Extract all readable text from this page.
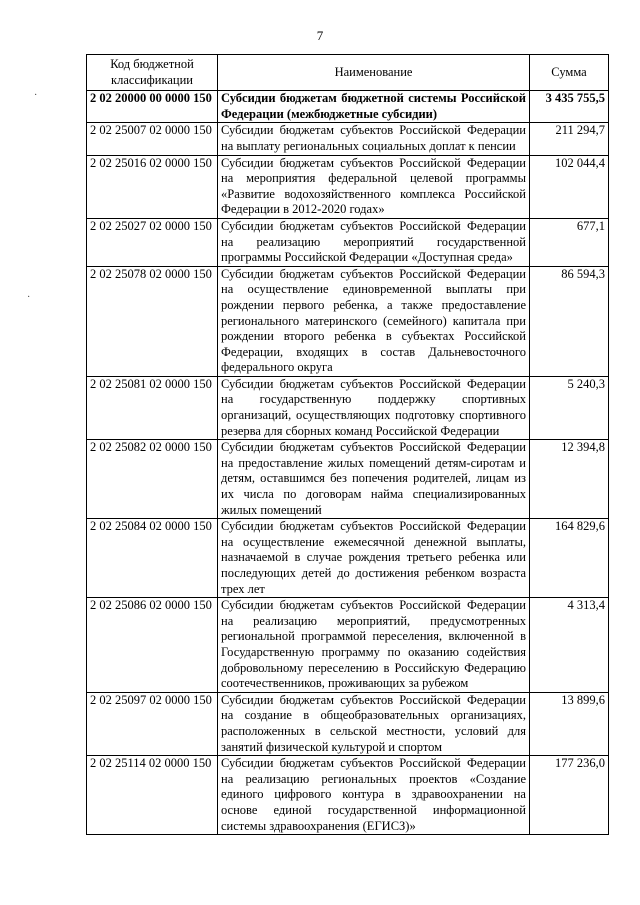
7
·
·
Код бюджетной классификации	Наименование	Сумма
2 02 20000 00 0000 150	Субсидии бюджетам бюджетной системы Российской Федерации (межбюджетные субсидии)	3 435 755,5
2 02 25007 02 0000 150	Субсидии бюджетам субъектов Российской Федерации на выплату региональных социальных доплат к пенсии	211 294,7
2 02 25016 02 0000 150	Субсидии бюджетам субъектов Российской Федерации на мероприятия федеральной целевой программы «Развитие водохозяйственного комплекса Российской Федерации в 2012-2020 годах»	102 044,4
2 02 25027 02 0000 150	Субсидии бюджетам субъектов Российской Федерации на реализацию мероприятий государственной программы Российской Федерации «Доступная среда»	677,1
2 02 25078 02 0000 150	Субсидии бюджетам субъектов Российской Федерации на осуществление единовременной выплаты при рождении первого ребенка, а также предоставление регионального материнского (семейного) капитала при рождении второго ребенка в субъектах Российской Федерации, входящих в состав Дальневосточного федерального округа	86 594,3
2 02 25081 02 0000 150	Субсидии бюджетам субъектов Российской Федерации на государственную поддержку спортивных организаций, осуществляющих подготовку спортивного резерва для сборных команд Российской Федерации	5 240,3
2 02 25082 02 0000 150	Субсидии бюджетам субъектов Российской Федерации на предоставление жилых помещений детям-сиротам и детям, оставшимся без попечения родителей, лицам из их числа по договорам найма специализированных жилых помещений	12 394,8
2 02 25084 02 0000 150	Субсидии бюджетам субъектов Российской Федерации на осуществление ежемесячной денежной выплаты, назначаемой в случае рождения третьего ребенка или последующих детей до достижения ребенком возраста трех лет	164 829,6
2 02 25086 02 0000 150	Субсидии бюджетам субъектов Российской Федерации на реализацию мероприятий, предусмотренных региональной программой переселения, включенной в Государственную программу по оказанию содействия добровольному переселению в Российскую Федерацию соотечественников, проживающих за рубежом	4 313,4
2 02 25097 02 0000 150	Субсидии бюджетам субъектов Российской Федерации на создание в общеобразовательных организациях, расположенных в сельской местности, условий для занятий физической культурой и спортом	13 899,6
2 02 25114 02 0000 150	Субсидии бюджетам субъектов Российской Федерации на реализацию региональных проектов «Создание единого цифрового контура в здравоохранении на основе единой государственной информационной системы здравоохранения (ЕГИСЗ)»	177 236,0
